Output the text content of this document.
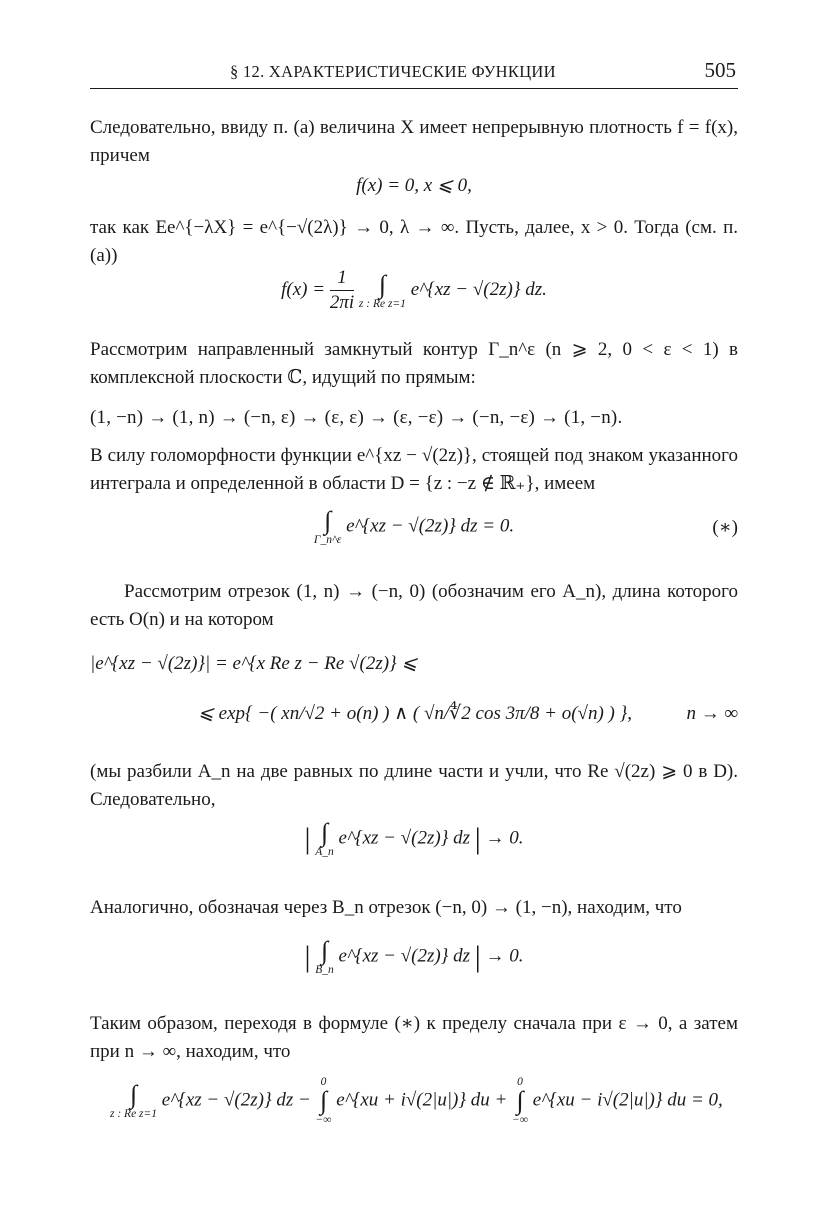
§ 12. ХАРАКТЕРИСТИЧЕСКИЕ ФУНКЦИИ	505
Следовательно, ввиду п. (а) величина X имеет непрерывную плотность f = f(x), причем
f(x) = 0, x ⩽ 0,
так как Ee^{−λX} = e^{−√(2λ)} → 0, λ → ∞. Пусть, далее, x > 0. Тогда (см. п. (а))
$f(x) = \frac{1}{2\pi i}$
∫
z : Re z=1
e^{xz − √(2z)} dz.
Рассмотрим направленный замкнутый контур Γ_n^ε (n ⩾ 2, 0 < ε < 1) в комплексной плоскости ℂ, идущий по прямым:
(1, −n) → (1, n) → (−n, ε) → (ε, ε) → (ε, −ε) → (−n, −ε) → (1, −n).
В силу голоморфности функции e^{xz − √(2z)}, стоящей под знаком указанного интеграла и определенной в области D = {z : −z ∉ ℝ₊}, имеем
∫
Γ_n^ε
e^{xz − √(2z)} dz = 0.	(∗)
Рассмотрим отрезок (1, n) → (−n, 0) (обозначим его A_n), длина которого есть O(n) и на котором
|e^{xz − √(2z)}| = e^{x Re z − Re √(2z)} ⩽
⩽ exp{ −( xn/√2 + o(n) ) ∧ ( √n/∜2 cos 3π/8 + o(√n) ) },	n → ∞
(мы разбили A_n на две равных по длине части и учли, что Re √(2z) ⩾ 0 в D). Следовательно,
| ∫
A_n
e^{xz − √(2z)} dz | → 0.
Аналогично, обозначая через B_n отрезок (−n, 0) → (1, −n), находим, что
| ∫
B_n
e^{xz − √(2z)} dz | → 0.
Таким образом, переходя в формуле (∗) к пределу сначала при ε → 0, а затем при n → ∞, находим, что
∫
z : Re z=1
e^{xz − √(2z)} dz −
0
∫
−∞
e^{xu + i√(2|u|)} du +
0
∫
−∞
e^{xu − i√(2|u|)} du = 0,
